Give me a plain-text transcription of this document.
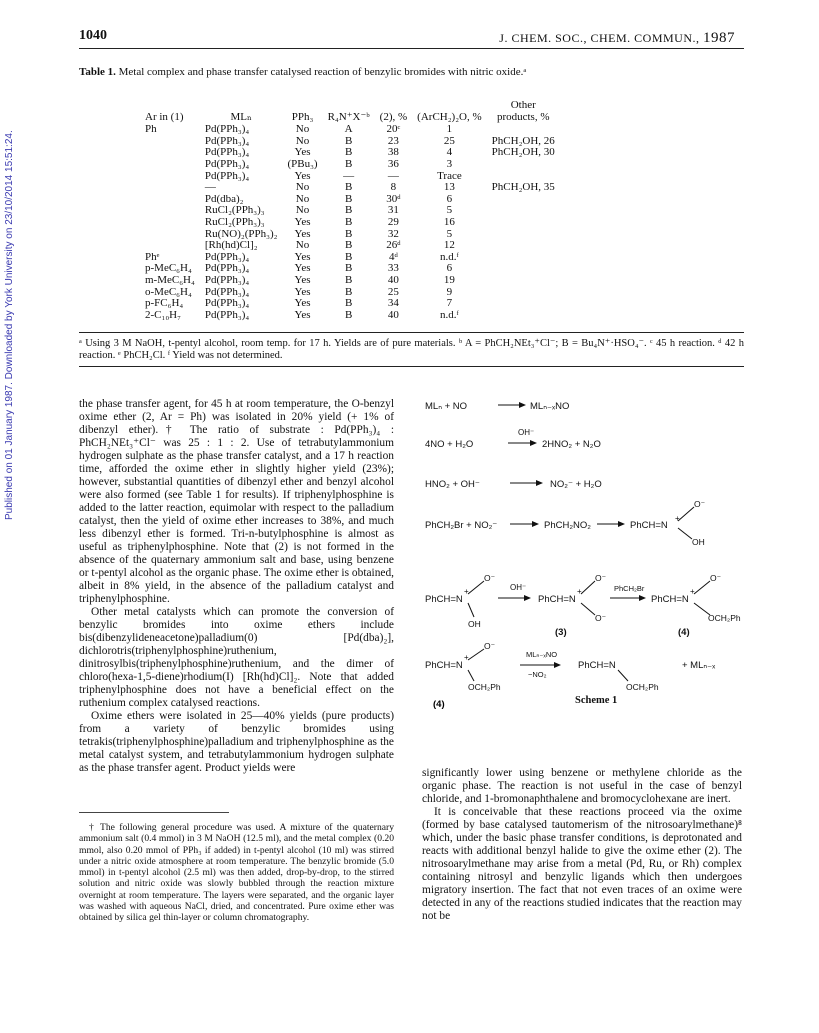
1040	J. CHEM. SOC., CHEM. COMMUN., 1987
Table 1. Metal complex and phase transfer catalysed reaction of benzylic bromides with nitric oxide.ᵃ
Ar in (1)	MLₙ	PPh₃	R₄N⁺X⁻ᵇ	(2), %	(ArCH₂)₂O, %	Other
products, %
Ph	Pd(PPh₃)₄	No	A	20ᶜ	1	
	Pd(PPh₃)₄	No	B	23	25	PhCH₂OH, 26
	Pd(PPh₃)₄	Yes	B	38	4	PhCH₂OH, 30
	Pd(PPh₃)₄	(PBu₃)	B	36	3	
	Pd(PPh₃)₄	Yes	—	—	Trace	
	—	No	B	8	13	PhCH₂OH, 35
	Pd(dba)₂	No	B	30ᵈ	6	
	RuCl₂(PPh₃)₃	No	B	31	5	
	RuCl₂(PPh₃)₃	Yes	B	29	16	
	Ru(NO)₂(PPh₃)₂	Yes	B	32	5	
	[Rh(hd)Cl]₂	No	B	26ᵈ	12	
Phᵉ	Pd(PPh₃)₄	Yes	B	4ᵈ	n.d.ᶠ	
p-MeC₆H₄	Pd(PPh₃)₄	Yes	B	33	6	
m-MeC₆H₄	Pd(PPh₃)₄	Yes	B	40	19	
o-MeC₆H₄	Pd(PPh₃)₄	Yes	B	25	9	
p-FC₆H₄	Pd(PPh₃)₄	Yes	B	34	7	
2-C₁₀H₇	Pd(PPh₃)₄	Yes	B	40	n.d.ᶠ	
ᵃ Using 3 M NaOH, t-pentyl alcohol, room temp. for 17 h. Yields are of pure materials. ᵇ A = PhCH₂NEt₃⁺Cl⁻; B = Bu₄N⁺·HSO₄⁻. ᶜ 45 h reaction. ᵈ 42 h reaction. ᵉ PhCH₂Cl. ᶠ Yield was not determined.
Published on 01 January 1987. Downloaded by York University on 23/10/2014 15:51:24.	the phase transfer agent, for 45 h at room temperature, the O-benzyl oxime ether (2, Ar = Ph) was isolated in 20% yield (+ 1% of dibenzyl ether).† The ratio of substrate : Pd(PPh₃)₄ : PhCH₂NEt₃⁺Cl⁻ was 25 : 1 : 2. Use of tetrabutylammonium hydrogen sulphate as the phase transfer catalyst, and a 17 h reaction time, afforded the oxime ether in slightly higher yield (23%); however, substantial quantities of dibenzyl ether and benzyl alcohol were also formed (see Table 1 for results). If triphenylphosphine is added to the latter reaction, equimolar with respect to the palladium catalyst, then the yield of oxime ether increases to 38%, and much less dibenzyl ether is formed. Tri-n-butylphosphine is almost as useful as triphenylphosphine. Note that (2) is not formed in the absence of the quaternary ammonium salt and base, using benzene or t-pentyl alcohol as the organic phase. The oxime ether is obtained, albeit in 8% yield, in the absence of the palladium catalyst and triphenylphosphine.

Other metal catalysts which can promote the conversion of benzylic bromides into oxime ethers include bis(dibenzylideneacetone)palladium(0) [Pd(dba)₂], dichlorotris(triphenylphosphine)ruthenium, dinitrosylbis(triphenylphosphine)ruthenium, and the dimer of chloro(hexa-1,5-diene)rhodium(I) [Rh(hd)Cl]₂. Note that added triphenylphosphine does not have a beneficial effect on the ruthenium complex catalysed reactions.

Oxime ethers were isolated in 25—40% yields (pure products) from a variety of benzylic bromides using tetrakis(triphenylphosphine)palladium and triphenylphosphine as the metal catalyst system, and tetrabutylammonium hydrogen sulphate as the phase transfer agent. Product yields were

† The following general procedure was used. A mixture of the quaternary ammonium salt (0.4 mmol) in 3 M NaOH (12.5 ml), and the metal complex (0.20 mmol, also 0.20 mmol of PPh₃ if added) in t-pentyl alcohol (10 ml) was stirred under a nitric oxide atmosphere at room temperature. The benzylic bromide (5.0 mmol) in t-pentyl alcohol (2.5 ml) was then added, drop-by-drop, to the stirred solution and nitric oxide was slowly bubbled through the reaction mixture overnight at room temperature. The layers were separated, and the organic layer was washed with aqueous NaCl, dried, and concentrated. Pure oxime ether was obtained by silica gel thin-layer or column chromatography.

MLₙ + NO	MLₙ₋ₓNO
4NO + H₂O
OH⁻
2HNO₂ + N₂O
HNO₂ + OH⁻	NO₂⁻ + H₂O
PhCH₂Br + NO₂⁻	PhCH₂NO₂	PhCH=N
+
O⁻
OH
PhCH=N
+
O⁻
OH
OH⁻
PhCH=N
+
O⁻
O⁻
PhCH₂Br
PhCH=N
+
O⁻
OCH₂Ph
(3)	(4)
PhCH=N
+
O⁻
OCH₂Ph
MLₙ₋ₓNO
−NO₂
PhCH=N
OCH₂Ph
+ MLₙ₋ₓ
(4)	Scheme 1

significantly lower using benzene or methylene chloride as the organic phase. The reaction is not useful in the case of benzyl chloride, and 1-bromonaphthalene and bromocyclohexane are inert.

It is conceivable that these reactions proceed via the oxime (formed by base catalysed tautomerism of the nitrosoarylmethane)⁸ which, under the basic phase transfer conditions, is deprotonated and reacts with additional benzyl halide to give the oxime ether (2). The nitrosoarylmethane may arise from a metal (Pd, Ru, or Rh) complex containing nitrosyl and benzylic ligands which then undergoes migratory insertion. The fact that not even traces of an oxime were detected in any of the reactions studied indicates that the reaction may not be
